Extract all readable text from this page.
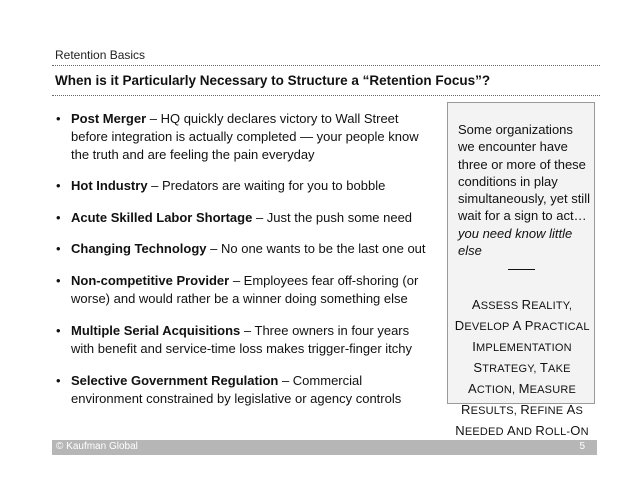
Retention Basics
When is it Particularly Necessary to Structure a “Retention Focus”?
• Post Merger – HQ quickly declares victory to Wall Street before integration is actually completed — your people know the truth and are feeling the pain everyday
• Hot Industry – Predators are waiting for you to bobble
• Acute Skilled Labor Shortage – Just the push some need
• Changing Technology – No one wants to be the last one out
• Non-competitive Provider – Employees fear off-shoring (or worse) and would rather be a winner doing something else
• Multiple Serial Acquisitions – Three owners in four years with benefit and service-time loss makes trigger-finger itchy
• Selective Government Regulation – Commercial environment constrained by legislative or agency controls
Some organizations we encounter have three or more of these conditions in play simultaneously, yet still wait for a sign to act… you need know little else
ASSESS REALITY, DEVELOP A PRACTICAL IMPLEMENTATION STRATEGY, TAKE ACTION, MEASURE RESULTS, REFINE AS NEEDED AND ROLL-ON
© Kaufman Global	5
